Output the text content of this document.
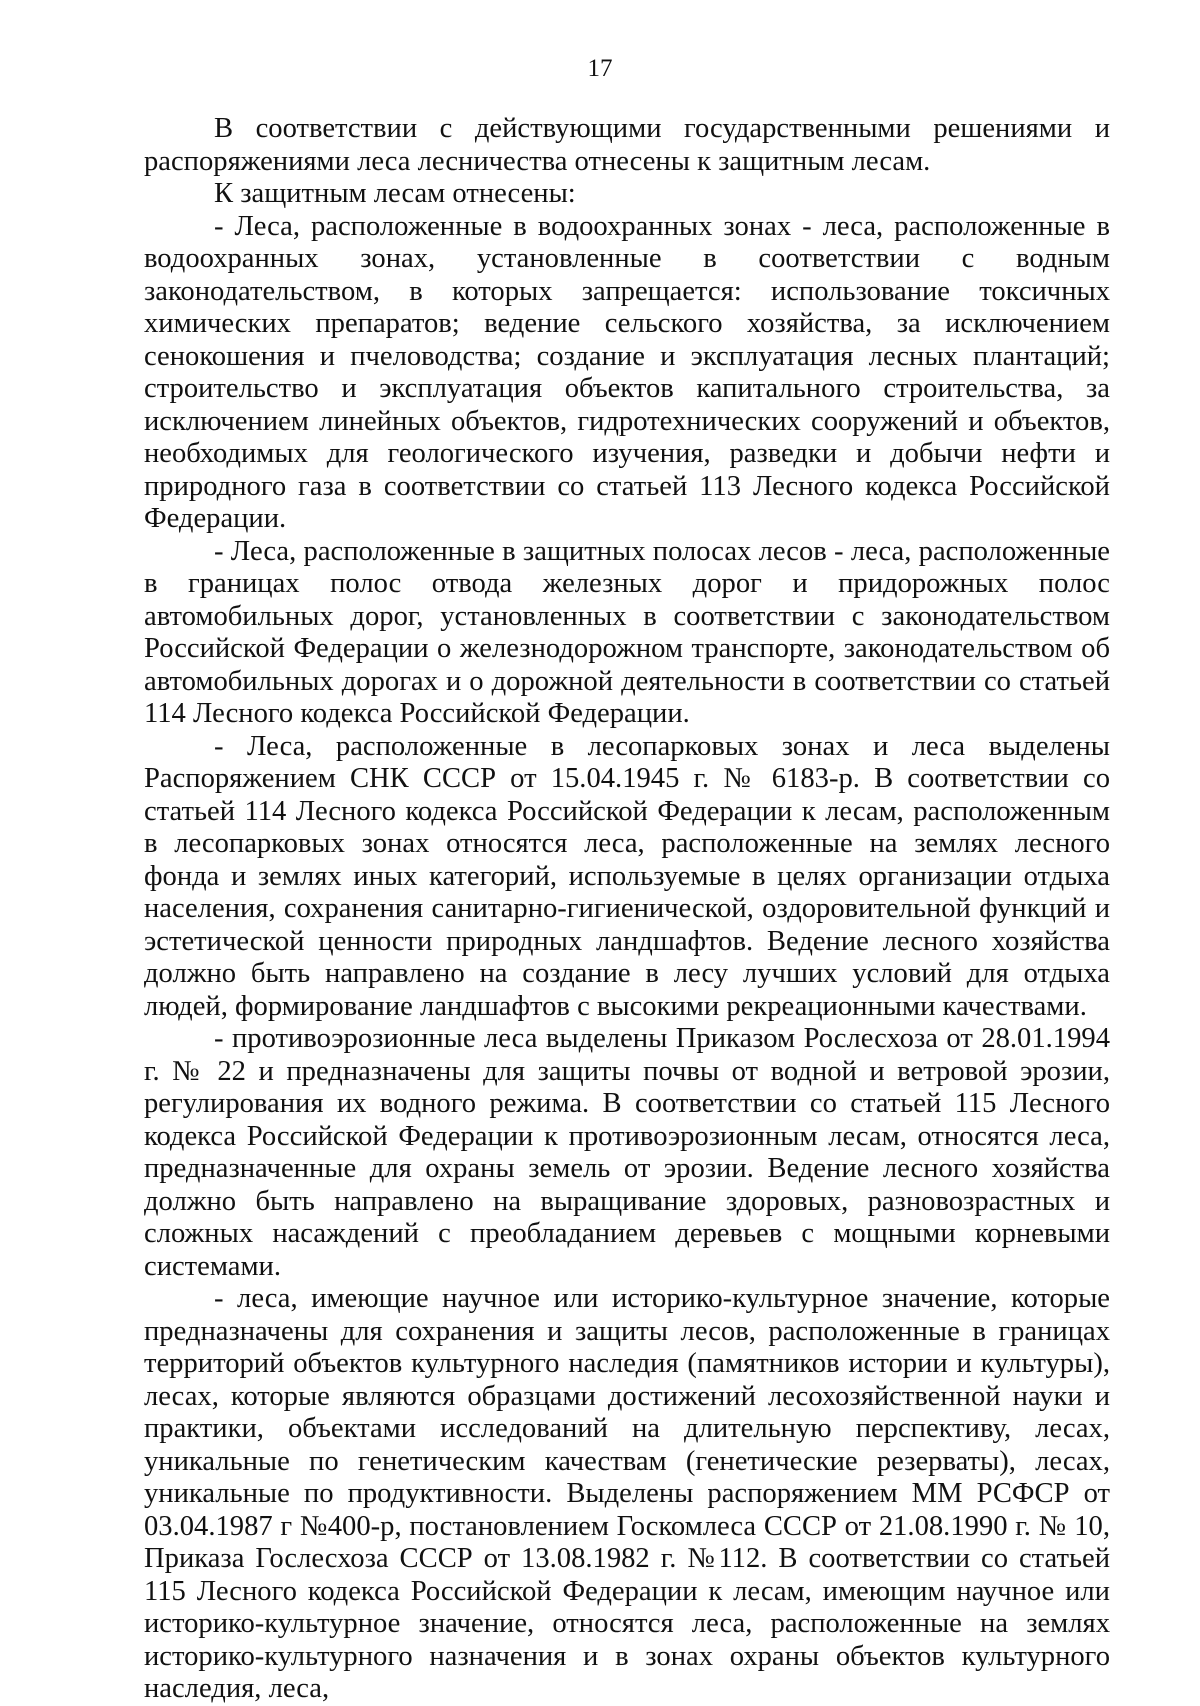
17

В соответствии с действующими государственными решениями и распоряжениями леса лесничества отнесены к защитным лесам.

К защитным лесам отнесены:

- Леса, расположенные в водоохранных зонах - леса, расположенные в водоохранных зонах, установленные в соответствии с водным законодательством, в которых запрещается: использование токсичных химических препаратов; ведение сельского хозяйства, за исключением сенокошения и пчеловодства; создание и эксплуатация лесных плантаций; строительство и эксплуатация объектов капитального строительства, за исключением линейных объектов, гидротехнических сооружений и объектов, необходимых для геологического изучения, разведки и добычи нефти и природного газа в соответствии со статьей 113 Лесного кодекса Российской Федерации.

- Леса, расположенные в защитных полосах лесов - леса, расположенные в границах полос отвода железных дорог и придорожных полос автомобильных дорог, установленных в соответствии с законодательством Российской Федерации о железнодорожном транспорте, законодательством об автомобильных дорогах и о дорожной деятельности в соответствии со статьей 114 Лесного кодекса Российской Федерации.

- Леса, расположенные в лесопарковых зонах и леса выделены Распоряжением СНК СССР от 15.04.1945 г. № 6183-р. В соответствии со статьей 114 Лесного кодекса Российской Федерации к лесам, расположенным в лесопарковых зонах относятся леса, расположенные на землях лесного фонда и землях иных категорий, используемые в целях организации отдыха населения, сохранения санитарно-гигиенической, оздоровительной функций и эстетической ценности природных ландшафтов. Ведение лесного хозяйства должно быть направлено на создание в лесу лучших условий для отдыха людей, формирование ландшафтов с высокими рекреационными качествами.

- противоэрозионные леса выделены Приказом Рослесхоза от 28.01.1994 г. № 22 и предназначены для защиты почвы от водной и ветровой эрозии, регулирования их водного режима. В соответствии со статьей 115 Лесного кодекса Российской Федерации к противоэрозионным лесам, относятся леса, предназначенные для охраны земель от эрозии. Ведение лесного хозяйства должно быть направлено на выращивание здоровых, разновозрастных и сложных насаждений с преобладанием деревьев с мощными корневыми системами.

- леса, имеющие научное или историко-культурное значение, которые предназначены для сохранения и защиты лесов, расположенные в границах территорий объектов культурного наследия (памятников истории и культуры), лесах, которые являются образцами достижений лесохозяйственной науки и практики, объектами исследований на длительную перспективу, лесах, уникальные по генетическим качествам (генетические резерваты), лесах, уникальные по продуктивности. Выделены распоряжением ММ РСФСР от 03.04.1987 г №400-р, постановлением Госкомлеса СССР от 21.08.1990 г. № 10, Приказа Гослесхоза СССР от 13.08.1982 г. №112. В соответствии со статьей 115 Лесного кодекса Российской Федерации к лесам, имеющим научное или историко-культурное значение, относятся леса, расположенные на землях историко-культурного назначения и в зонах охраны объектов культурного наследия, леса,
